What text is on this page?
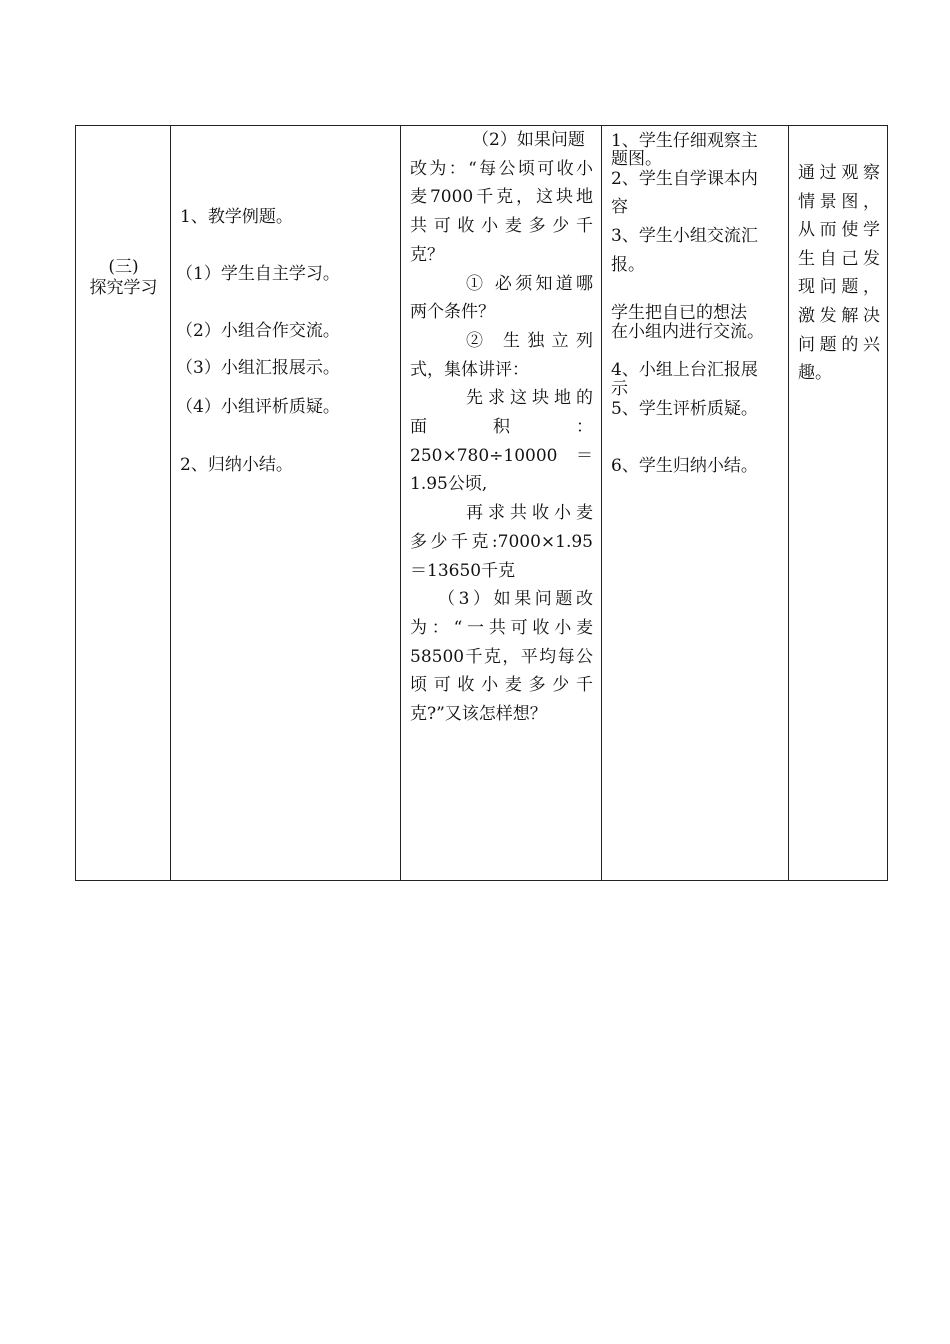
(三)
探究学习
1、教学例题。
（1）学生自主学习。
（2）小组合作交流。
（3）小组汇报展示。
（4）小组评析质疑。
2、归纳小结。
（2）如果问题
改为：“每公顷可收小
麦7000千克，这块地
共可收小麦多少千
克？
① 必须知道哪
两个条件？
② 生独立列
式，集体讲评：
先求这块地的
面　　积　　：
250×780÷10000　＝
1.95公顷,
再求共收小麦
多少千克:7000×1.95
＝13650千克
（3）如果问题改
为：“一共可收小麦
58500千克，平均每公
顷可收小麦多少千
克?”又该怎样想？
1、学生仔细观察主
题图。
2、学生自学课本内
容
3、学生小组交流汇
报。
学生把自已的想法
在小组内进行交流。
4、小组上台汇报展
示
5、学生评析质疑。
6、学生归纳小结。
通过观察
情景图，
从而使学
生自己发
现问题，
激发解决
问题的兴
趣。
